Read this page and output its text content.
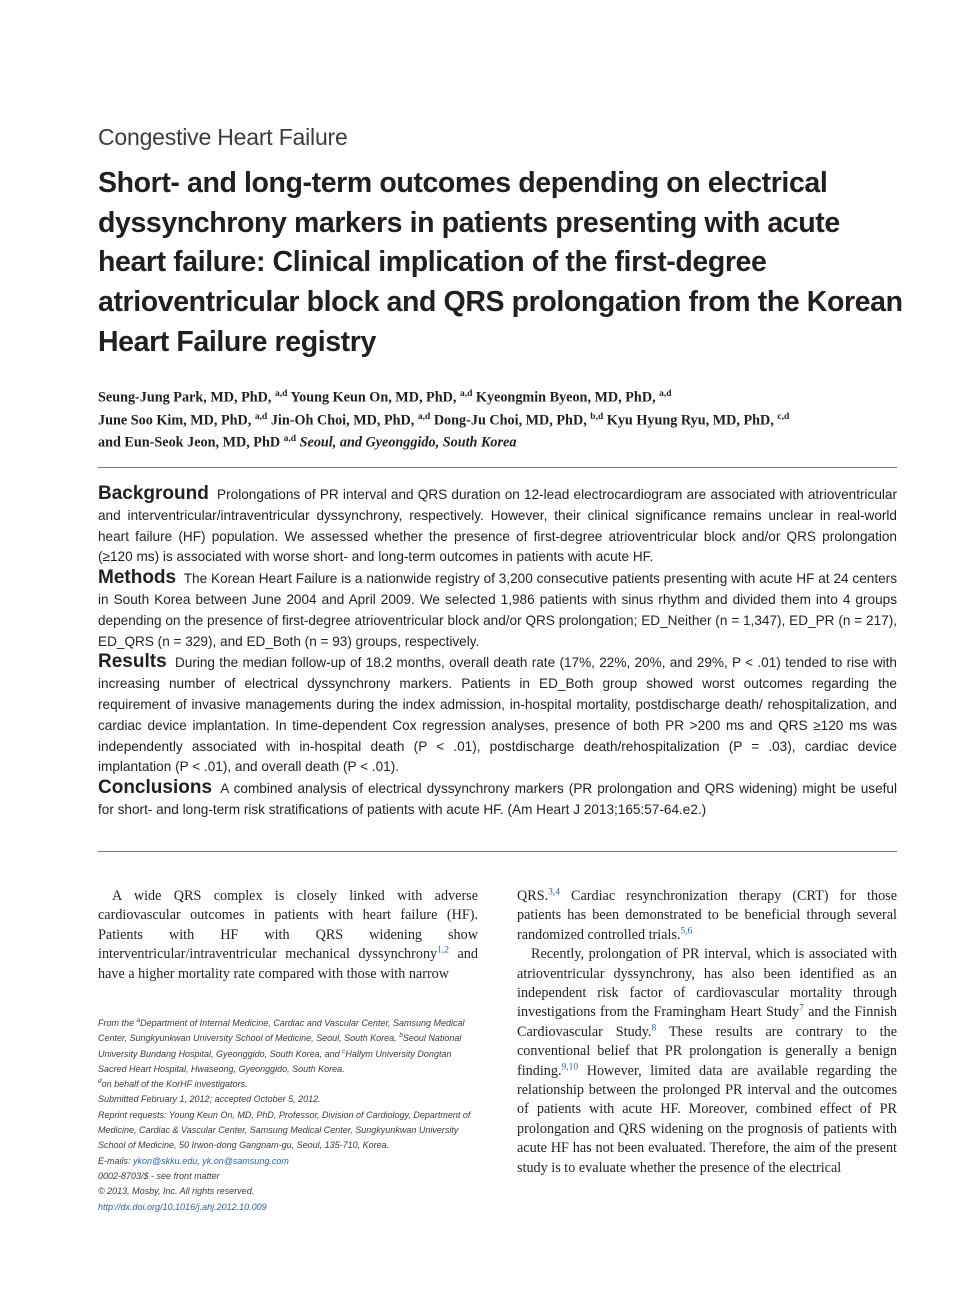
Congestive Heart Failure
Short- and long-term outcomes depending on electrical dyssynchrony markers in patients presenting with acute heart failure: Clinical implication of the first-degree atrioventricular block and QRS prolongation from the Korean Heart Failure registry
Seung-Jung Park, MD, PhD, $^{a,d}$ Young Keun On, MD, PhD, $^{a,d}$ Kyeongmin Byeon, MD, PhD, $^{a,d}$
June Soo Kim, MD, PhD, $^{a,d}$ Jin-Oh Choi, MD, PhD, $^{a,d}$ Dong-Ju Choi, MD, PhD, $^{b,d}$ Kyu Hyung Ryu, MD, PhD, $^{c,d}$
and Eun-Seok Jeon, MD, PhD $^{a,d}$ Seoul, and Gyeonggido, South Korea

Background Prolongations of PR interval and QRS duration on 12-lead electrocardiogram are associated with atrioventricular and interventricular/intraventricular dyssynchrony, respectively. However, their clinical significance remains unclear in real-world heart failure (HF) population. We assessed whether the presence of first-degree atrioventricular block and/or QRS prolongation (≥120 ms) is associated with worse short- and long-term outcomes in patients with acute HF.

Methods The Korean Heart Failure is a nationwide registry of 3,200 consecutive patients presenting with acute HF at 24 centers in South Korea between June 2004 and April 2009. We selected 1,986 patients with sinus rhythm and divided them into 4 groups depending on the presence of first-degree atrioventricular block and/or QRS prolongation; ED_Neither (n = 1,347), ED_PR (n = 217), ED_QRS (n = 329), and ED_Both (n = 93) groups, respectively.

Results During the median follow-up of 18.2 months, overall death rate (17%, 22%, 20%, and 29%, P < .01) tended to rise with increasing number of electrical dyssynchrony markers. Patients in ED_Both group showed worst outcomes regarding the requirement of invasive managements during the index admission, in-hospital mortality, postdischarge death/ rehospitalization, and cardiac device implantation. In time-dependent Cox regression analyses, presence of both PR >200 ms and QRS ≥120 ms was independently associated with in-hospital death (P < .01), postdischarge death/rehospitalization (P = .03), cardiac device implantation (P < .01), and overall death (P < .01).

Conclusions A combined analysis of electrical dyssynchrony markers (PR prolongation and QRS widening) might be useful for short- and long-term risk stratifications of patients with acute HF. (Am Heart J 2013;165:57-64.e2.)

A wide QRS complex is closely linked with adverse cardiovascular outcomes in patients with heart failure (HF). Patients with HF with QRS widening show interventricular/intraventricular mechanical dyssynchrony$^{1,2}$ and have a higher mortality rate compared with those with narrow

From the $^a$Department of Internal Medicine, Cardiac and Vascular Center, Samsung Medical Center, Sungkyunkwan University School of Medicine, Seoul, South Korea, $^b$Seoul National University Bundang Hospital, Gyeonggido, South Korea, and $^c$Hallym University Dongtan Sacred Heart Hospital, Hwaseong, Gyeonggido, South Korea.

$^d$on behalf of the KorHF investigators.

Submitted February 1, 2012; accepted October 5, 2012.

Reprint requests: Young Keun On, MD, PhD, Professor, Division of Cardiology, Department of Medicine, Cardiac & Vascular Center, Samsung Medical Center, Sungkyunkwan University School of Medicine, 50 Irwon-dong Gangnam-gu, Seoul, 135-710, Korea.

E-mails: ykon@skku.edu, yk.on@samsung.com

0002-8703/$ - see front matter

© 2013, Mosby, Inc. All rights reserved.

http://dx.doi.org/10.1016/j.ahj.2012.10.009

QRS.$^{3,4}$ Cardiac resynchronization therapy (CRT) for those patients has been demonstrated to be beneficial through several randomized controlled trials.$^{5,6}$

Recently, prolongation of PR interval, which is associated with atrioventricular dyssynchrony, has also been identified as an independent risk factor of cardiovascular mortality through investigations from the Framingham Heart Study$^7$ and the Finnish Cardiovascular Study.$^8$ These results are contrary to the conventional belief that PR prolongation is generally a benign finding.$^{9,10}$ However, limited data are available regarding the relationship between the prolonged PR interval and the outcomes of patients with acute HF. Moreover, combined effect of PR prolongation and QRS widening on the prognosis of patients with acute HF has not been evaluated. Therefore, the aim of the present study is to evaluate whether the presence of the electrical
